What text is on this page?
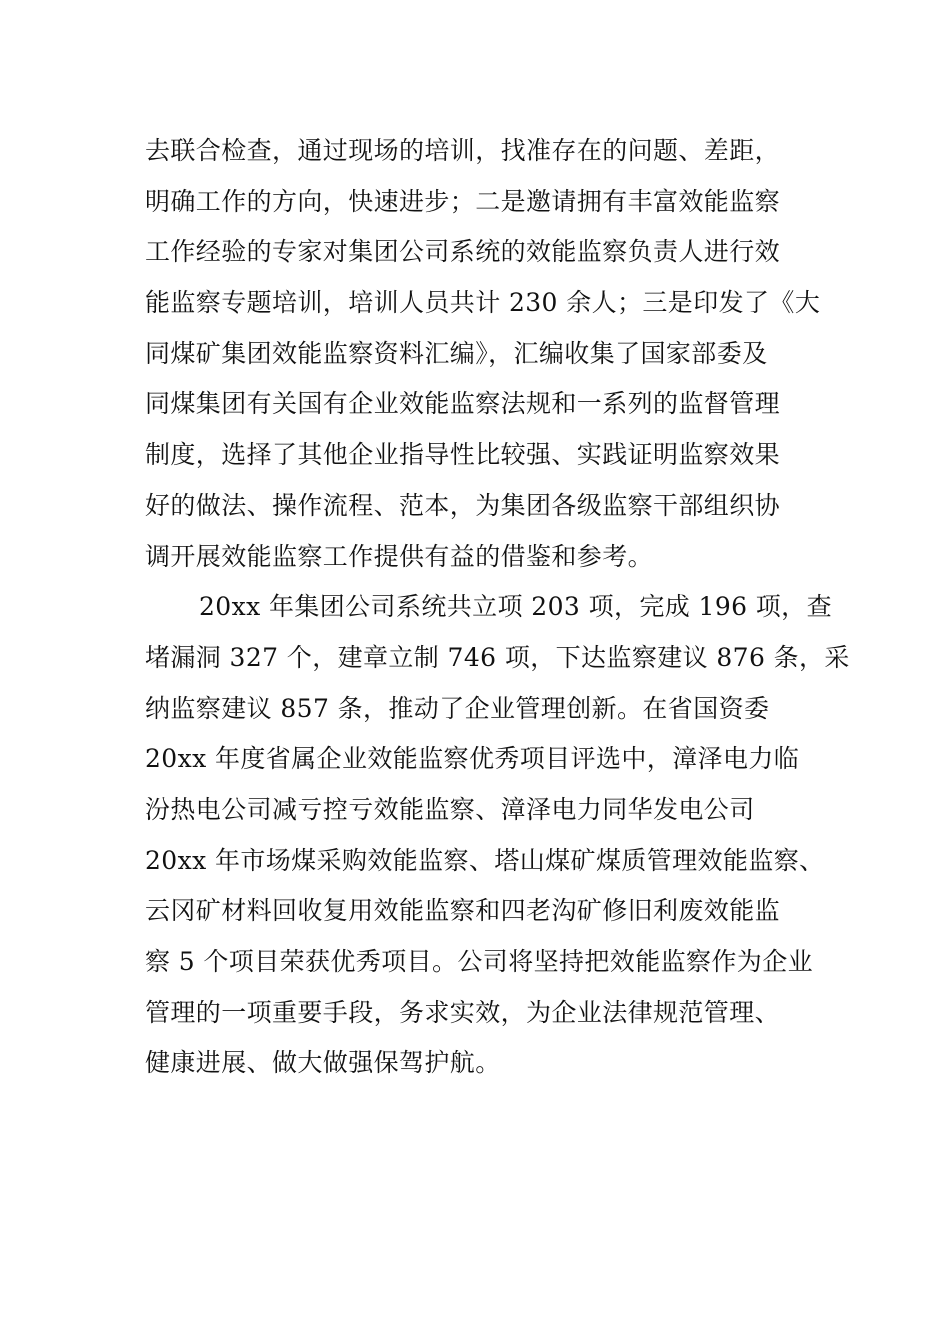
去联合检查，通过现场的培训，找准存在的问题、差距，
明确工作的方向，快速进步；二是邀请拥有丰富效能监察
工作经验的专家对集团公司系统的效能监察负责人进行效
能监察专题培训，培训人员共计 230 余人；三是印发了《大
同煤矿集团效能监察资料汇编》，汇编收集了国家部委及
同煤集团有关国有企业效能监察法规和一系列的监督管理
制度，选择了其他企业指导性比较强、实践证明监察效果
好的做法、操作流程、范本，为集团各级监察干部组织协
调开展效能监察工作提供有益的借鉴和参考。
20xx 年集团公司系统共立项 203 项，完成 196 项，查
堵漏洞 327 个，建章立制 746 项，下达监察建议 876 条，采
纳监察建议 857 条，推动了企业管理创新。在省国资委
20xx 年度省属企业效能监察优秀项目评选中，漳泽电力临
汾热电公司减亏控亏效能监察、漳泽电力同华发电公司
20xx 年市场煤采购效能监察、塔山煤矿煤质管理效能监察、
云冈矿材料回收复用效能监察和四老沟矿修旧利废效能监
察 5 个项目荣获优秀项目。公司将坚持把效能监察作为企业
管理的一项重要手段，务求实效，为企业法律规范管理、
健康进展、做大做强保驾护航。
